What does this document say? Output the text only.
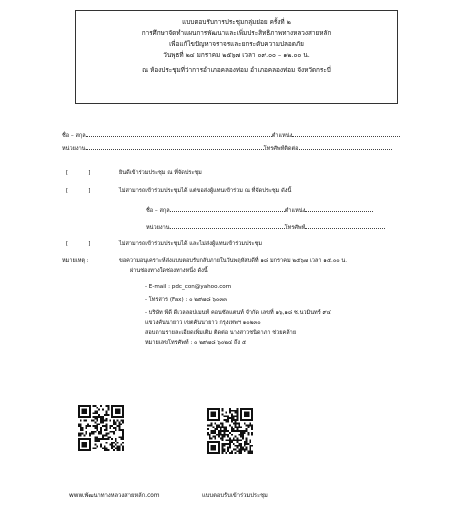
แบบตอบรับการประชุมกลุ่มย่อย ครั้งที่ ๒
การศึกษาจัดทำแผนการพัฒนาและเพิ่มประสิทธิภาพทางหลวงสายหลัก
เพื่อแก้ไขปัญหาจราจรและยกระดับความปลอดภัย
วันพุธที่ ๒๔ มกราคม ๒๕๖๗ เวลา ๐๙.๐๐ – ๑๒.๐๐ น.
ณ ห้องประชุมที่ว่าการอำเภอคลองท่อม อำเภอคลองท่อม จังหวัดกระบี่
ชื่อ – สกุล	ตำแหน่ง
หน่วยงาน	โทรศัพท์ติดต่อ
[	]	ยินดีเข้าร่วมประชุม ณ ที่จัดประชุม
[	]	ไม่สามารถเข้าร่วมประชุมได้ แต่ขอส่งผู้แทนเข้าร่วม ณ ที่จัดประชุม ดังนี้
ชื่อ – สกุล	ตำแหน่ง
หน่วยงาน	โทรศัพท์
[	]	ไม่สามารถเข้าร่วมประชุมได้ และไม่ส่งผู้แทนเข้าร่วมประชุม
หมายเหตุ :	ขอความอนุเคราะห์ส่งแบบตอบรับกลับภายในวันพฤหัสบดีที่ ๑๘ มกราคม ๒๕๖๗ เวลา ๑๕.๐๐ น.
ผ่านช่องทางใดช่องทางหนึ่ง ดังนี้
- E-mail : pdc_con@yahoo.com
- โทรสาร (Fax) : ๐ ๒๙๗๘ ๖๐๓๓
- บริษัท พีดี ดีเวลลอปเมนท์ คอนซัลแตนท์ จำกัด เลขที่ ๑๖,๑๘ ซ.นวมินทร์ ๙๔
แขวงคันนายาว เขตคันนายาว กรุงเทพฯ ๑๐๒๓๐
สอบถามรายละเอียดเพิ่มเติม ติดต่อ นางสาวชนิดาภา ช่วยคล้าย
หมายเลขโทรศัพท์ : ๐ ๒๙๗๘ ๖๐๒๔ ถึง ๕
www.พัฒนาทางหลวงสายหลัก.com	แบบตอบรับเข้าร่วมประชุม
